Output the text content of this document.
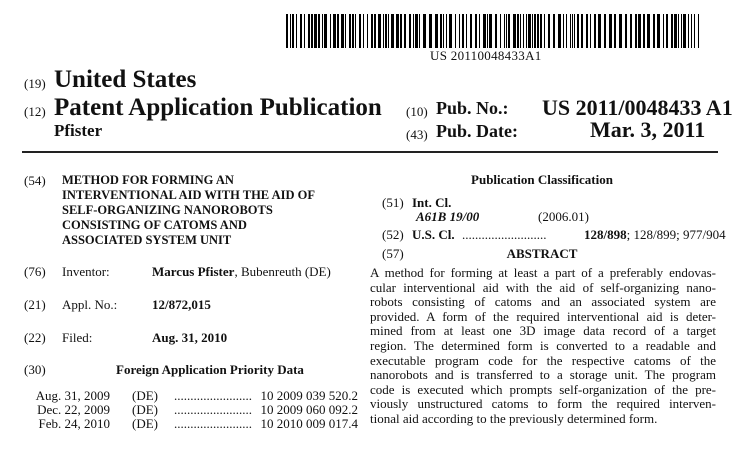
US 20110048433A1
(19) United States
(12) Patent Application Publication
Pfister
(10) Pub. No.: US 2011/0048433 A1
(43) Pub. Date:	Mar. 3, 2011
(54) METHOD FOR FORMING AN
INTERVENTIONAL AID WITH THE AID OF
SELF-ORGANIZING NANOROBOTS
CONSISTING OF CATOMS AND
ASSOCIATED SYSTEM UNIT
(76) Inventor:	Marcus Pfister, Bubenreuth (DE)
(21) Appl. No.:	12/872,015
(22) Filed:	Aug. 31, 2010
(30)	Foreign Application Priority Data
Aug. 31, 2009 (DE) ........................ 10 2009 039 520.2
Dec. 22, 2009 (DE) ........................ 10 2009 060 092.2
Feb. 24, 2010 (DE) ........................ 10 2010 009 017.4
Publication Classification
(51) Int. Cl.
A61B 19/00	(2006.01)
(52) U.S. Cl. ..........................	128/898; 128/899; 977/904
(57)	ABSTRACT
A method for forming at least a part of a preferably endovas-
cular interventional aid with the aid of self-organizing nano-
robots consisting of catoms and an associated system are
provided. A form of the required interventional aid is deter-
mined from at least one 3D image data record of a target
region. The determined form is converted to a readable and
executable program code for the respective catoms of the
nanorobots and is transferred to a storage unit. The program
code is executed which prompts self-organization of the pre-
viously unstructured catoms to form the required interven-
tional aid according to the previously determined form.
